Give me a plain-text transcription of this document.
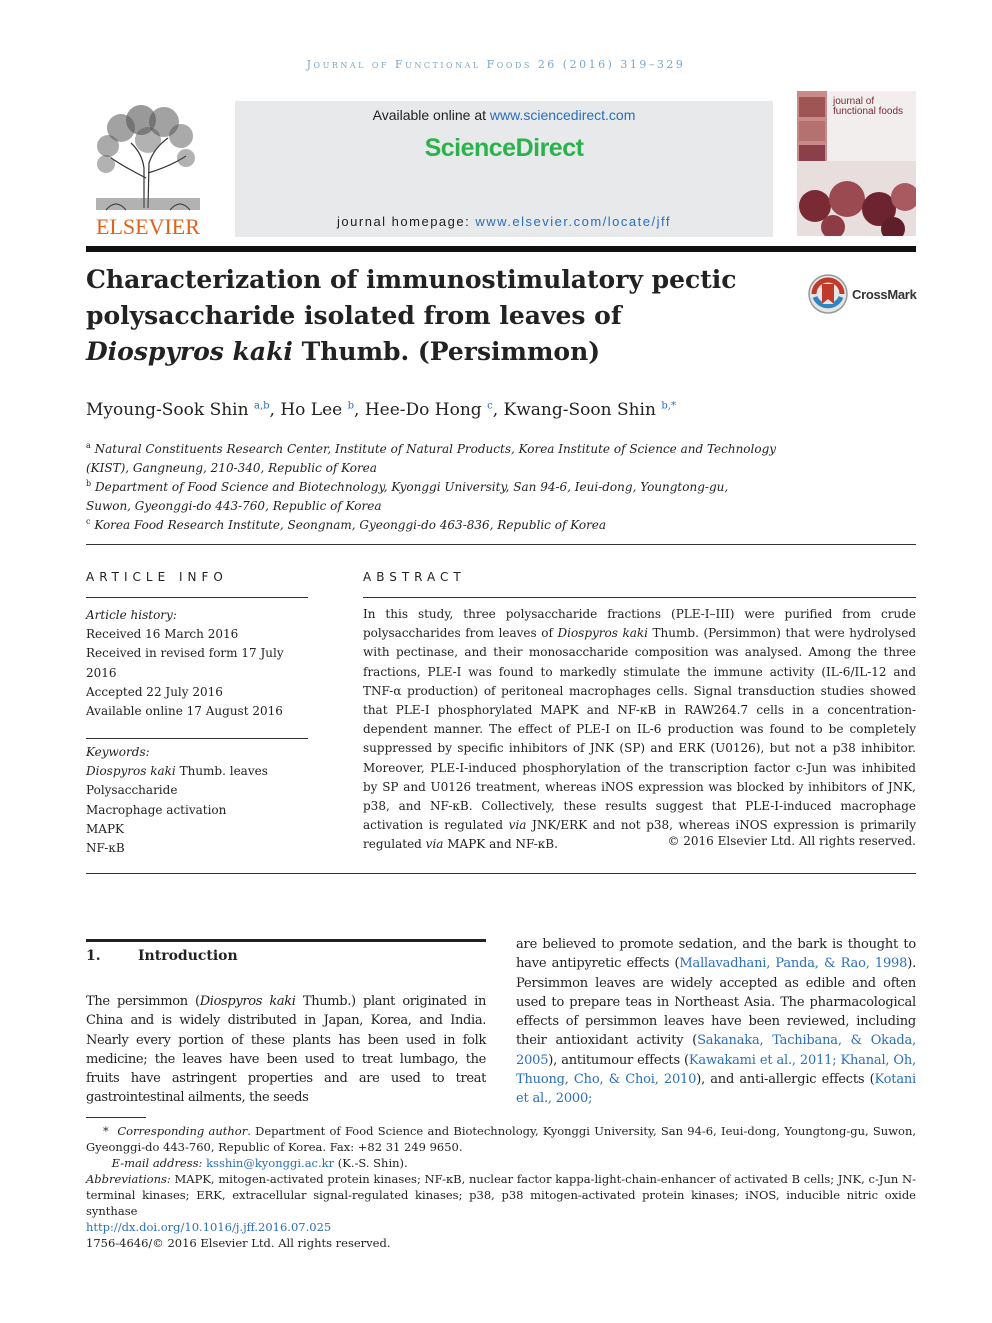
Journal of Functional Foods 26 (2016) 319–329
ELSEVIER
Available online at www.sciencedirect.com
ScienceDirect
journal homepage: www.elsevier.com/locate/jff
journal of functional foods
Characterization of immunostimulatory pectic
polysaccharide isolated from leaves of
Diospyros kaki Thumb. (Persimmon)
CrossMark
Myoung-Sook Shin $^{a,b}$, Ho Lee $^b$, Hee-Do Hong $^c$, Kwang-Soon Shin $^{b,*}$
$^a$ Natural Constituents Research Center, Institute of Natural Products, Korea Institute of Science and Technology
(KIST), Gangneung, 210-340, Republic of Korea
$^b$ Department of Food Science and Biotechnology, Kyonggi University, San 94-6, Ieui-dong, Youngtong-gu,
Suwon, Gyeonggi-do 443-760, Republic of Korea
$^c$ Korea Food Research Institute, Seongnam, Gyeonggi-do 463-836, Republic of Korea
ARTICLE INFO
Article history:
Received 16 March 2016
Received in revised form 17 July
2016
Accepted 22 July 2016
Available online 17 August 2016
Keywords:
Diospyros kaki Thumb. leaves
Polysaccharide
Macrophage activation
MAPK
NF-κB
ABSTRACT
In this study, three polysaccharide fractions (PLE-I–III) were purified from crude polysaccharides from leaves of Diospyros kaki Thumb. (Persimmon) that were hydrolysed with pectinase, and their monosaccharide composition was analysed. Among the three fractions, PLE-I was found to markedly stimulate the immune activity (IL-6/IL-12 and TNF-α production) of peritoneal macrophages cells. Signal transduction studies showed that PLE-I phosphorylated MAPK and NF-κB in RAW264.7 cells in a concentration-dependent manner. The effect of PLE-I on IL-6 production was found to be completely suppressed by specific inhibitors of JNK (SP) and ERK (U0126), but not a p38 inhibitor. Moreover, PLE-I-induced phosphorylation of the transcription factor c-Jun was inhibited by SP and U0126 treatment, whereas iNOS expression was blocked by inhibitors of JNK, p38, and NF-κB. Collectively, these results suggest that PLE-I-induced macrophage activation is regulated via JNK/ERK and not p38, whereas iNOS expression is primarily regulated via MAPK and NF-κB.	© 2016 Elsevier Ltd. All rights reserved.
1.	Introduction
The persimmon (Diospyros kaki Thumb.) plant originated in China and is widely distributed in Japan, Korea, and India. Nearly every portion of these plants has been used in folk medicine; the leaves have been used to treat lumbago, the fruits have astringent properties and are used to treat gastrointestinal ailments, the seeds
are believed to promote sedation, and the bark is thought to have antipyretic effects (Mallavadhani, Panda, & Rao, 1998). Persimmon leaves are widely accepted as edible and often used to prepare teas in Northeast Asia. The pharmacological effects of persimmon leaves have been reviewed, including their antioxidant activity (Sakanaka, Tachibana, & Okada, 2005), antitumour effects (Kawakami et al., 2011; Khanal, Oh, Thuong, Cho, & Choi, 2010), and anti-allergic effects (Kotani et al., 2000;
* Corresponding author. Department of Food Science and Biotechnology, Kyonggi University, San 94-6, Ieui-dong, Youngtong-gu, Suwon, Gyeonggi-do 443-760, Republic of Korea. Fax: +82 31 249 9650.
E-mail address: ksshin@kyonggi.ac.kr (K.-S. Shin).
Abbreviations: MAPK, mitogen-activated protein kinases; NF-κB, nuclear factor kappa-light-chain-enhancer of activated B cells; JNK, c-Jun N-terminal kinases; ERK, extracellular signal-regulated kinases; p38, p38 mitogen-activated protein kinases; iNOS, inducible nitric oxide synthase
http://dx.doi.org/10.1016/j.jff.2016.07.025
1756-4646/© 2016 Elsevier Ltd. All rights reserved.
